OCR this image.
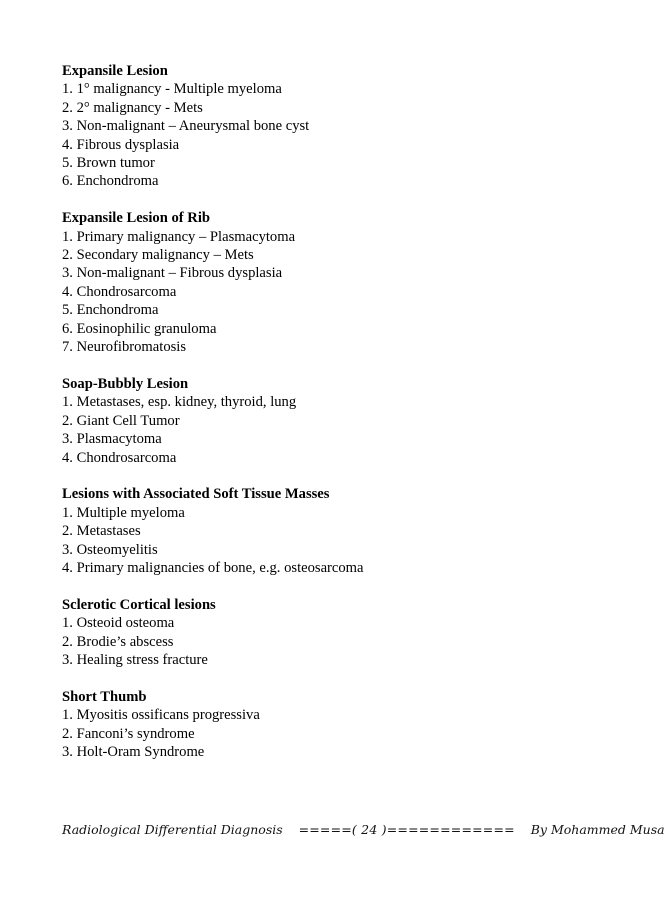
Expansile Lesion

1. 1° malignancy - Multiple myeloma

2. 2° malignancy - Mets

3. Non-malignant – Aneurysmal bone cyst

4. Fibrous dysplasia

5. Brown tumor

6. Enchondroma

Expansile Lesion of Rib

1. Primary malignancy – Plasmacytoma

2. Secondary malignancy – Mets

3. Non-malignant – Fibrous dysplasia

4. Chondrosarcoma

5. Enchondroma

6. Eosinophilic granuloma

7. Neurofibromatosis

Soap-Bubbly Lesion

1. Metastases, esp. kidney, thyroid, lung

2. Giant Cell Tumor

3. Plasmacytoma

4. Chondrosarcoma

Lesions with Associated Soft Tissue Masses

1. Multiple myeloma

2. Metastases

3. Osteomyelitis

4. Primary malignancies of bone, e.g. osteosarcoma

Sclerotic Cortical lesions

1. Osteoid osteoma

2. Brodie’s abscess

3. Healing stress fracture

Short Thumb

1. Myositis ossificans progressiva

2. Fanconi’s syndrome

3. Holt-Oram Syndrome

Radiological Differential Diagnosis =====( 24 )============ By Mohammed Musa
